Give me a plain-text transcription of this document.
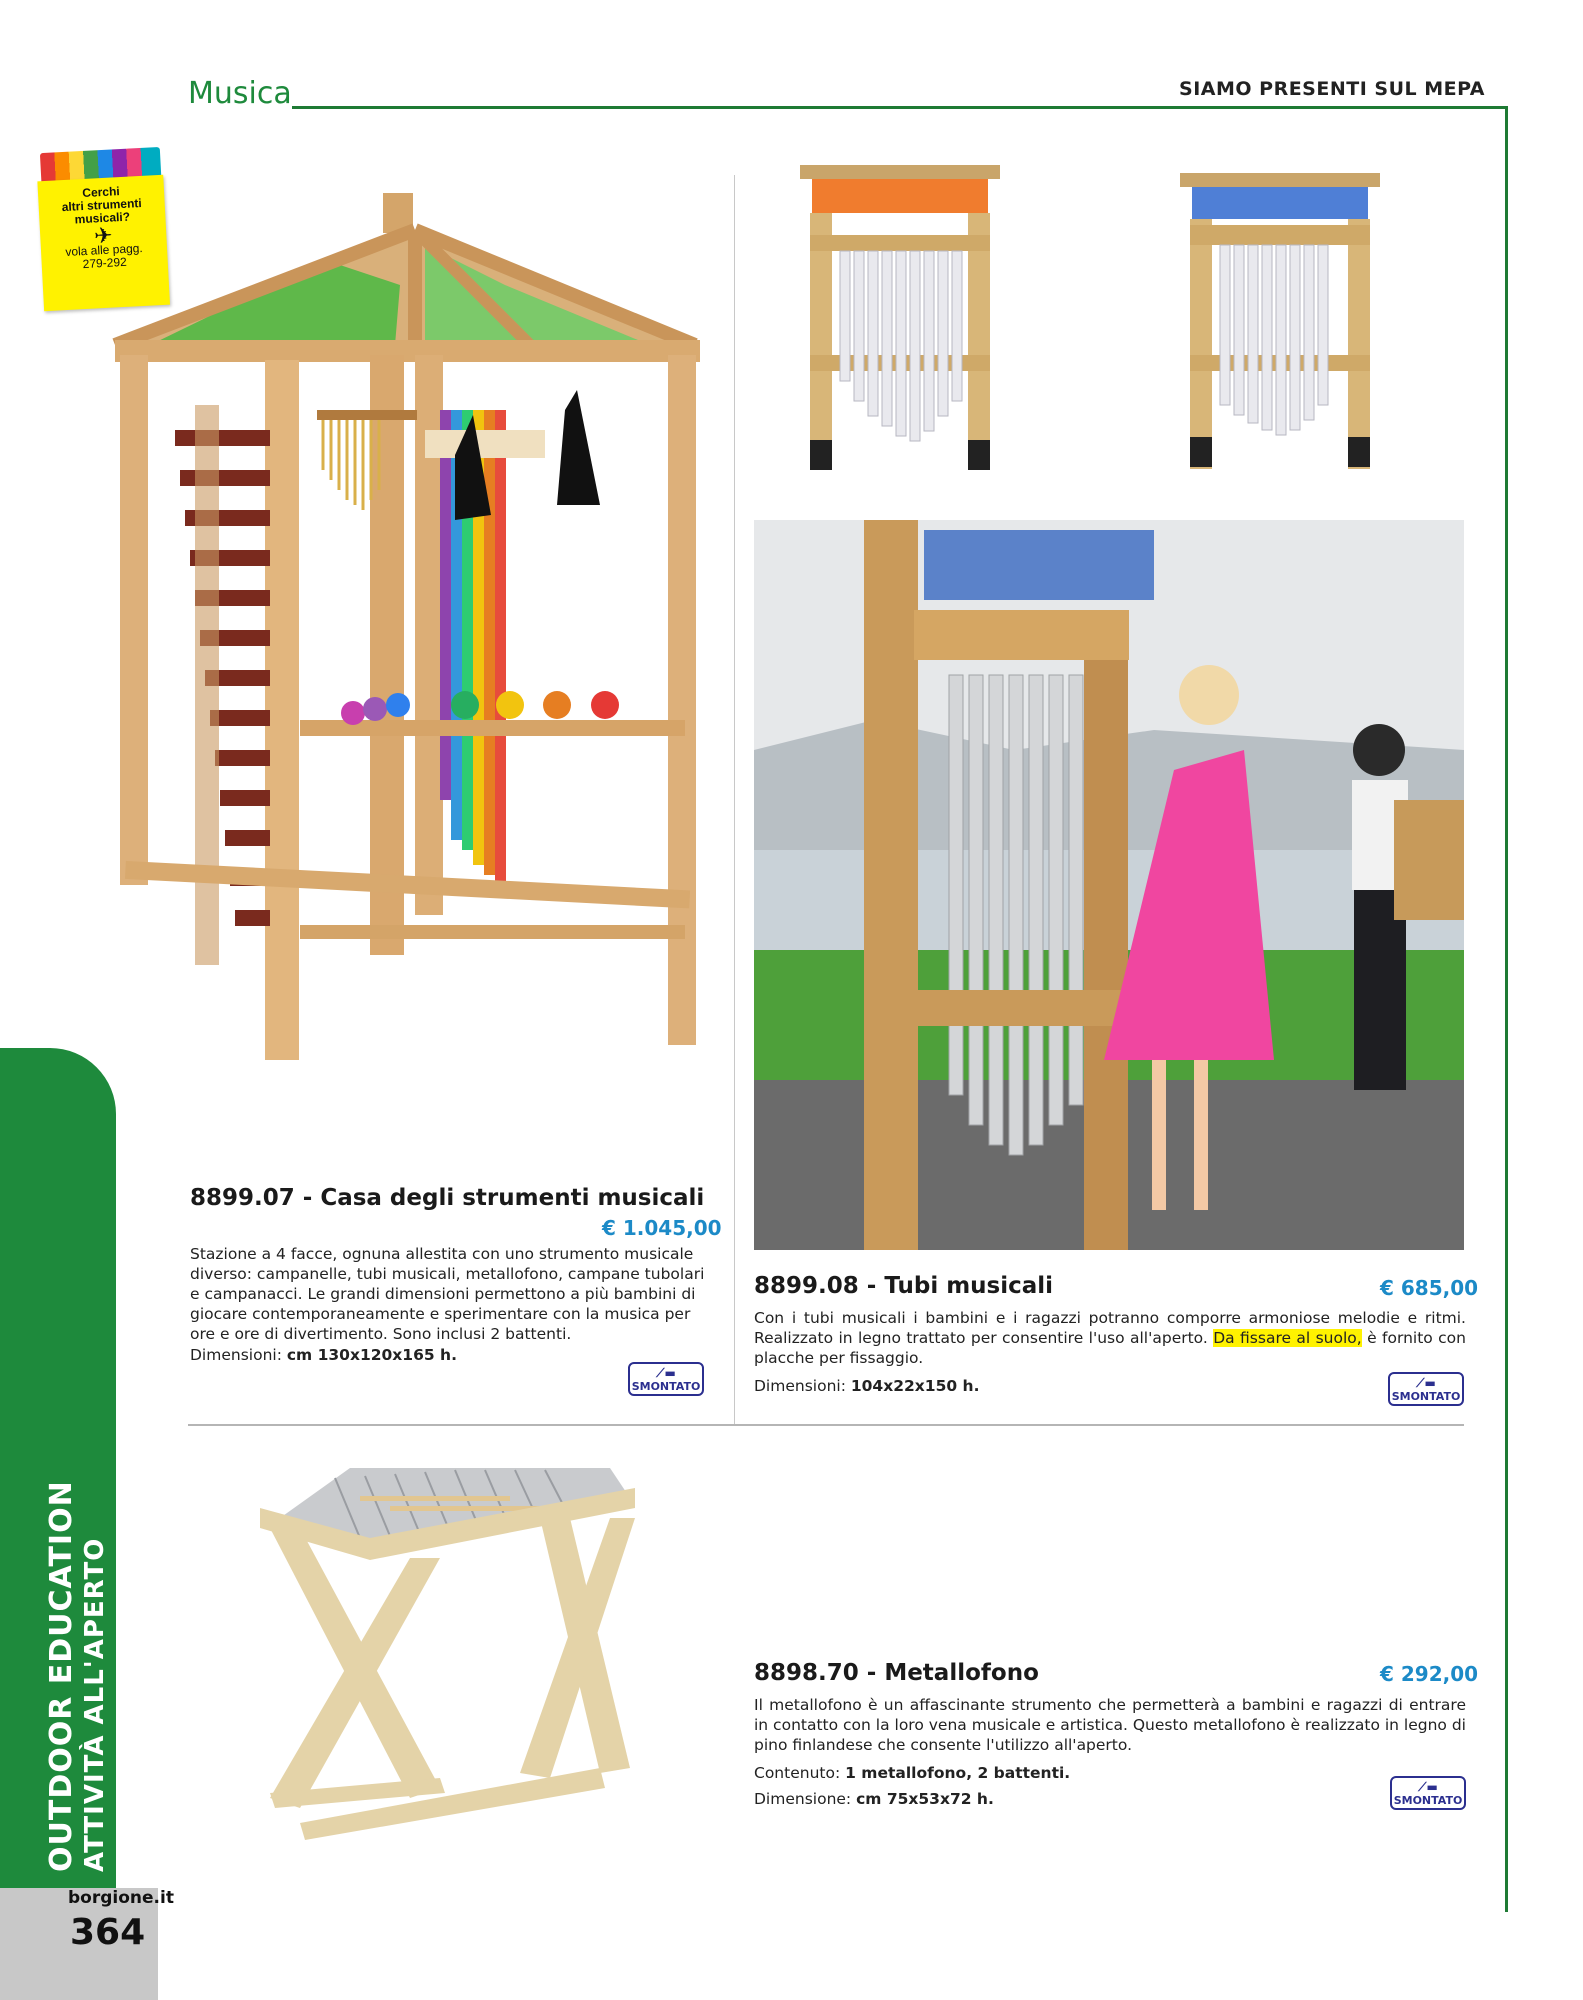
Musica	SIAMO PRESENTI SUL MEPA
Cerchi
altri strumenti
musicali?
✈
vola alle pagg.
279-292
8899.07 - Casa degli strumenti musicali
€ 1.045,00
Stazione a 4 facce, ognuna allestita con uno strumento musicale diverso: campanelle, tubi musicali, metallofono, campane tubolari e campanacci. Le grandi dimensioni permettono a più bambini di giocare contemporaneamente e sperimentare con la musica per ore e ore di divertimento. Sono inclusi 2 battenti.
Dimensioni: cm 130x120x165 h.
⟋▬
SMONTATO
8899.08 - Tubi musicali	€ 685,00
Con i tubi musicali i bambini e i ragazzi potranno comporre armoniose melodie e ritmi. Realizzato in legno trattato per consentire l'uso all'aperto. Da fissare al suolo, è fornito con placche per fissaggio.
Dimensioni: 104x22x150 h.	⟋▬
SMONTATO
8898.70 - Metallofono	€ 292,00
Il metallofono è un affascinante strumento che permetterà a bambini e ragazzi di entrare in contatto con la loro vena musicale e artistica. Questo metallofono è realizzato in legno di pino finlandese che consente l'utilizzo all'aperto.
Contenuto: 1 metallofono, 2 battenti.
Dimensione: cm 75x53x72 h.
⟋▬
SMONTATO
ATTIVITÀ ALL'APERTO
OUTDOOR EDUCATION
borgione.it
364
